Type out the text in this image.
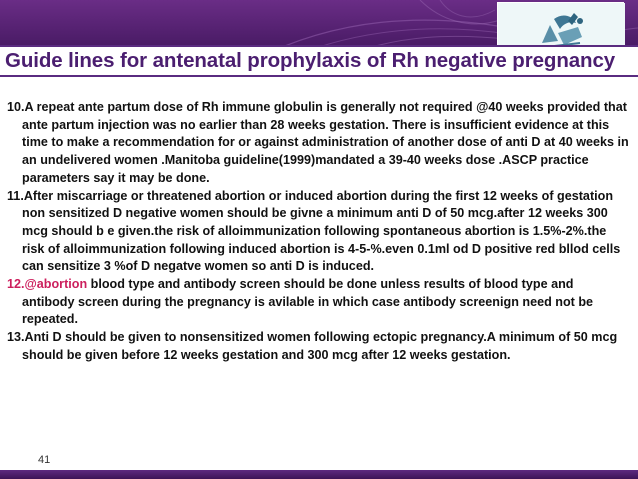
Guide lines for antenatal prophylaxis of Rh negative pregnancy

10.A repeat ante partum dose of Rh immune globulin is generally not required @40 weeks provided that ante partum injection was no earlier than 28 weeks gestation. There is insufficient evidence at this time to make a recommendation for or against administration of another dose of anti D at 40 weeks in an undelivered women .Manitoba guideline(1999)mandated a 39-40 weeks dose .ASCP practice parameters say it may be done.

11.After miscarriage or threatened abortion or induced abortion during the first 12 weeks of gestation non sensitized D negative women should be givne a minimum anti D of 50 mcg.after 12 weeks 300 mcg should b e given.the risk of alloimmunization following spontaneous abortion is 1.5%-2%.the risk of alloimmunization following induced abortion is 4-5-%.even 0.1ml od D positive red bllod cells can sensitize 3 %of D negatve women so anti D is induced.

12.@abortion blood type and antibody screen should be done unless results of blood type and antibody screen during the pregnancy is avilable in which case antibody screenign need not be repeated.

13.Anti D should be given to nonsensitized women following ectopic pregnancy.A minimum of 50 mcg should be given before 12 weeks gestation and 300 mcg after 12 weeks gestation.

41
